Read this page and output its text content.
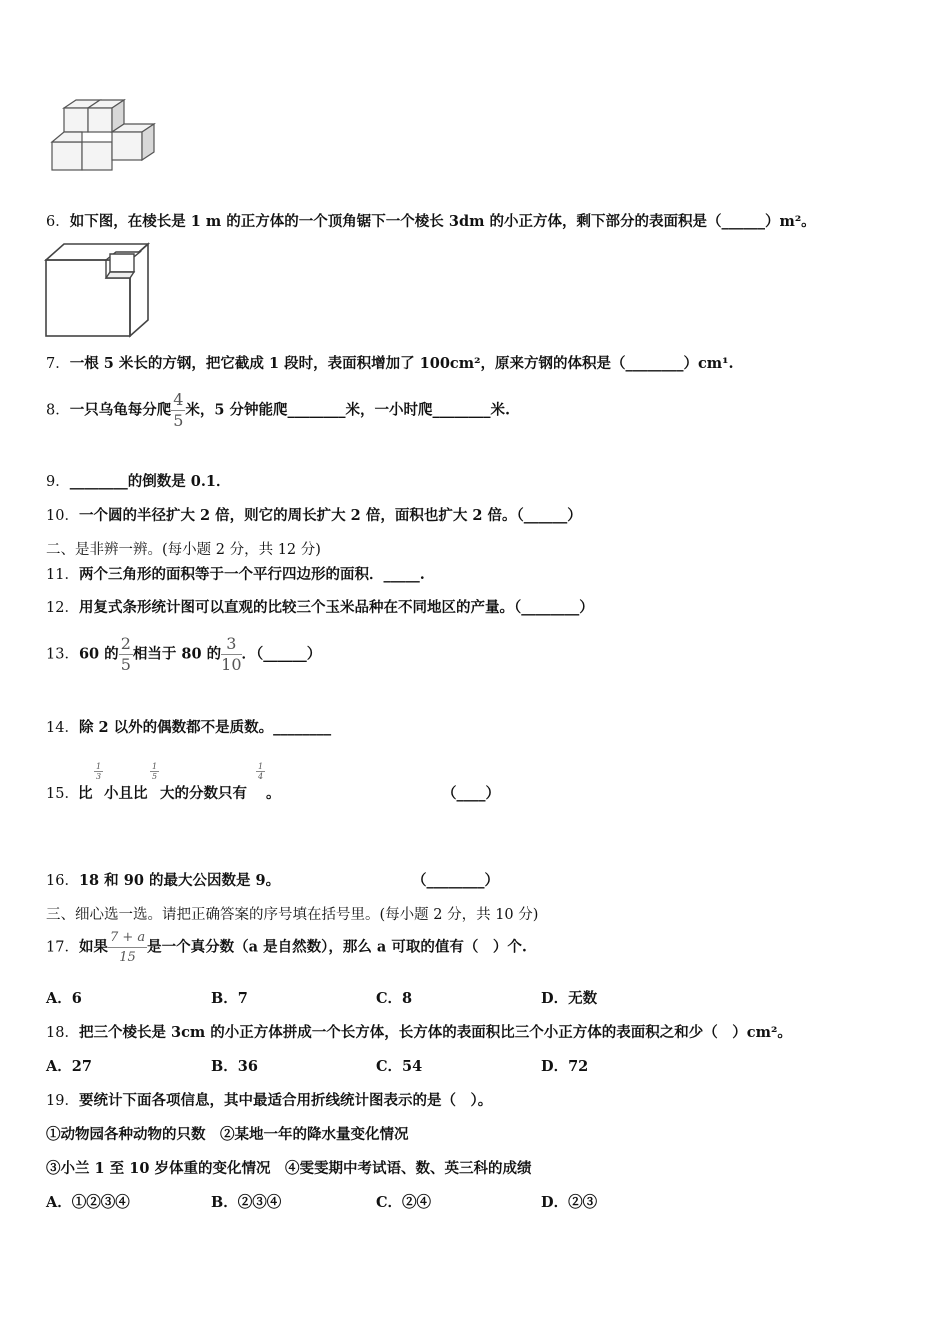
6．如下图，在棱长是 1 m 的正方体的一个顶角锯下一个棱长 3dm 的小正方体，剩下部分的表面积是（______）m²。
7．一根 5 米长的方钢，把它截成 1 段时，表面积增加了 100cm²，原来方钢的体积是（________）cm¹.
8．一只乌龟每分爬 $\frac{4}{5}$ 米，5 分钟能爬________米，一小时爬________米.
9．________的倒数是 0.1．
10．一个圆的半径扩大 2 倍，则它的周长扩大 2 倍，面积也扩大 2 倍。（______）
二、是非辨一辨。(每小题 2 分，共 12 分)
11．两个三角形的面积等于一个平行四边形的面积．_____.
12．用复式条形统计图可以直观的比较三个玉米品种在不同地区的产量。（________）
13．60 的 $\frac{2}{5}$ 相当于 80 的 $\frac{3}{10}$ ．（______）
14．除 2 以外的偶数都不是质数。________
15． 比
$\frac{1}{3}$
小且比
$\frac{1}{5}$
大的分数只有
$\frac{1}{4}$
。	（____）
16．18 和 90 的最大公因数是 9。	（________）
三、细心选一选。请把正确答案的序号填在括号里。(每小题 2 分，共 10 分)
17．如果 $\frac{7 + a}{15}$ 是一个真分数（a 是自然数），那么 a 可取的值有（　）个.
A．6	B．7	C．8	D．无数
18．把三个棱长是 3cm 的小正方体拼成一个长方体，长方体的表面积比三个小正方体的表面积之和少（　）cm²。
A．27	B．36	C．54	D．72
19．要统计下面各项信息，其中最适合用折线统计图表示的是（　）。
①动物园各种动物的只数　②某地一年的降水量变化情况
③小兰 1 至 10 岁体重的变化情况　④雯雯期中考试语、数、英三科的成绩
A．①②③④	B．②③④	C．②④	D．②③
